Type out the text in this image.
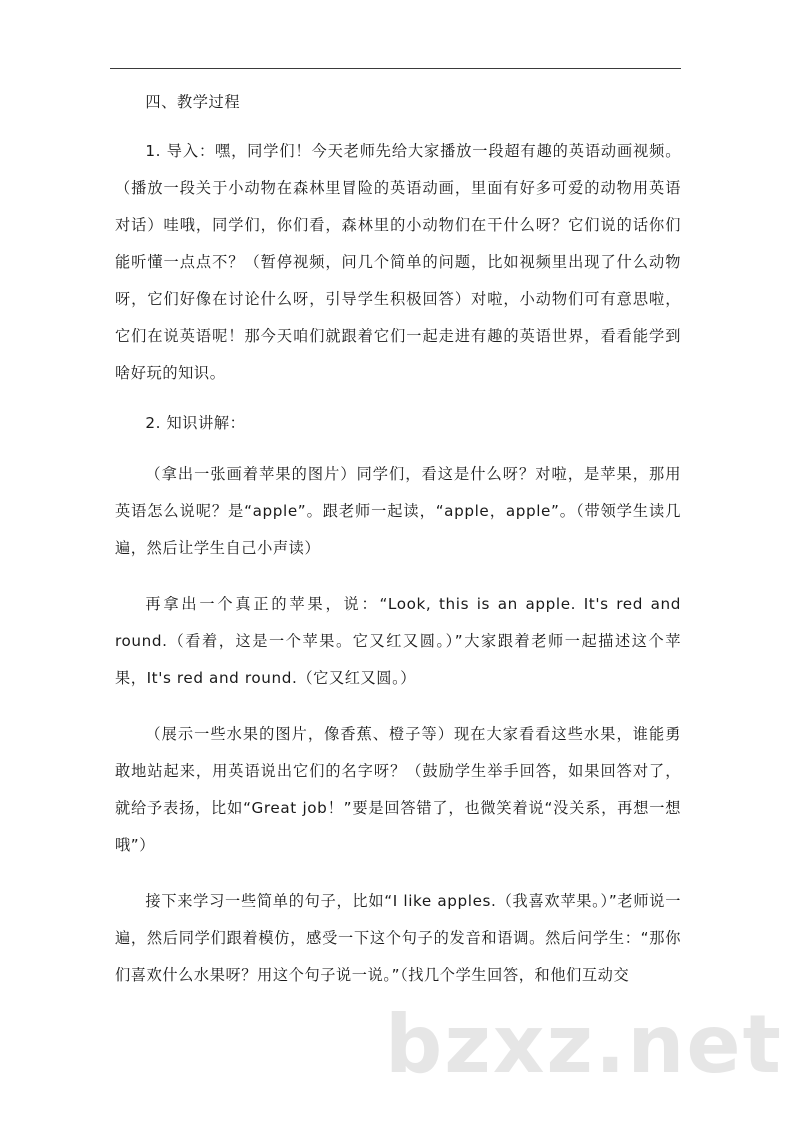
四、教学过程

1. 导入：嘿，同学们！今天老师先给大家播放一段超有趣的英语动画视频。（播放一段关于小动物在森林里冒险的英语动画，里面有好多可爱的动物用英语对话）哇哦，同学们，你们看，森林里的小动物们在干什么呀？它们说的话你们能听懂一点点不？（暂停视频，问几个简单的问题，比如视频里出现了什么动物呀，它们好像在讨论什么呀，引导学生积极回答）对啦，小动物们可有意思啦，它们在说英语呢！那今天咱们就跟着它们一起走进有趣的英语世界，看看能学到啥好玩的知识。

2. 知识讲解：

（拿出一张画着苹果的图片）同学们，看这是什么呀？对啦，是苹果，那用英语怎么说呢？是“apple”。跟老师一起读，“apple，apple”。（带领学生读几遍，然后让学生自己小声读）

再拿出一个真正的苹果，说：“Look, this is an apple. It's red and round.（看着，这是一个苹果。它又红又圆。）”大家跟着老师一起描述这个苹果，It's red and round.（它又红又圆。）

（展示一些水果的图片，像香蕉、橙子等）现在大家看看这些水果，谁能勇敢地站起来，用英语说出它们的名字呀？（鼓励学生举手回答，如果回答对了，就给予表扬，比如“Great job！”要是回答错了，也微笑着说“没关系，再想一想哦”）

接下来学习一些简单的句子，比如“I like apples.（我喜欢苹果。）”老师说一遍，然后同学们跟着模仿，感受一下这个句子的发音和语调。然后问学生：“那你们喜欢什么水果呀？用这个句子说一说。”（找几个学生回答，和他们互动交

bzxz.net
